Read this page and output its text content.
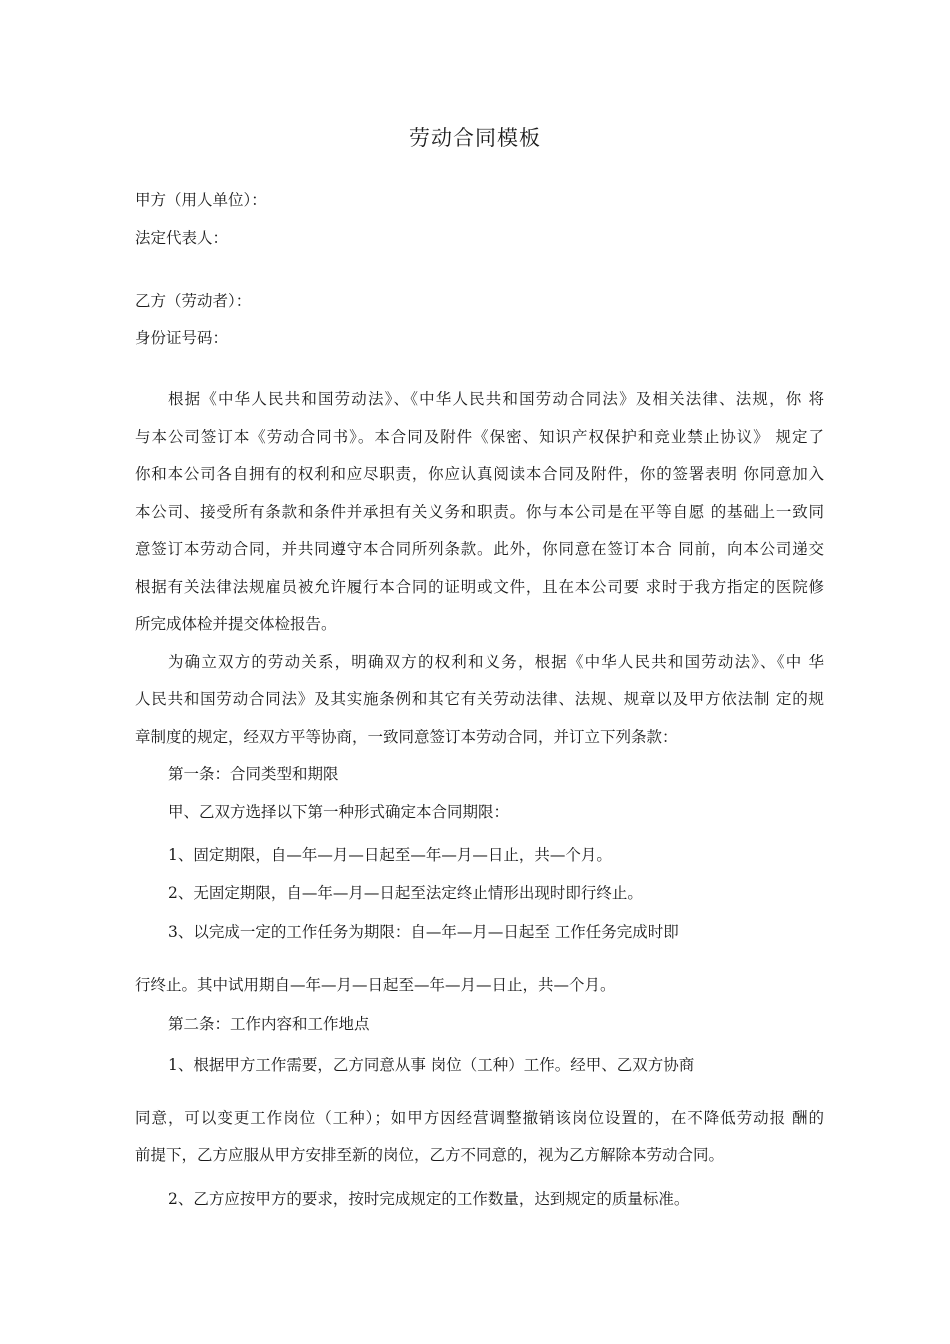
劳动合同模板
甲方（用人单位）：
法定代表人：
乙方（劳动者）：
身份证号码：
根据《中华人民共和国劳动法》、《中华人民共和国劳动合同法》及相关法律、法规，你 将
与本公司签订本《劳动合同书》。本合同及附件《保密、知识产权保护和竞业禁止协议》 规定了
你和本公司各自拥有的权利和应尽职责，你应认真阅读本合同及附件，你的签署表明 你同意加入
本公司、接受所有条款和条件并承担有关义务和职责。你与本公司是在平等自愿 的基础上一致同
意签订本劳动合同，并共同遵守本合同所列条款。此外，你同意在签订本合 同前，向本公司递交
根据有关法律法规雇员被允许履行本合同的证明或文件，且在本公司要 求时于我方指定的医院修
所完成体检并提交体检报告。
为确立双方的劳动关系，明确双方的权利和义务，根据《中华人民共和国劳动法》、《中 华
人民共和国劳动合同法》及其实施条例和其它有关劳动法律、法规、规章以及甲方依法制 定的规
章制度的规定，经双方平等协商，一致同意签订本劳动合同，并订立下列条款：
第一条：合同类型和期限
甲、乙双方选择以下第一种形式确定本合同期限：
1、固定期限，自—年—月—日起至—年—月—日止，共—个月。
2、无固定期限，自—年—月—日起至法定终止情形出现时即行终止。
3、以完成一定的工作任务为期限：自—年—月—日起至 工作任务完成时即
行终止。其中试用期自—年—月—日起至—年—月—日止，共—个月。
第二条：工作内容和工作地点
1、根据甲方工作需要，乙方同意从事 岗位（工种）工作。经甲、乙双方协商
同意，可以变更工作岗位（工种）；如甲方因经营调整撤销该岗位设置的，在不降低劳动报 酬的
前提下，乙方应服从甲方安排至新的岗位，乙方不同意的，视为乙方解除本劳动合同。
2、乙方应按甲方的要求，按时完成规定的工作数量，达到规定的质量标准。
